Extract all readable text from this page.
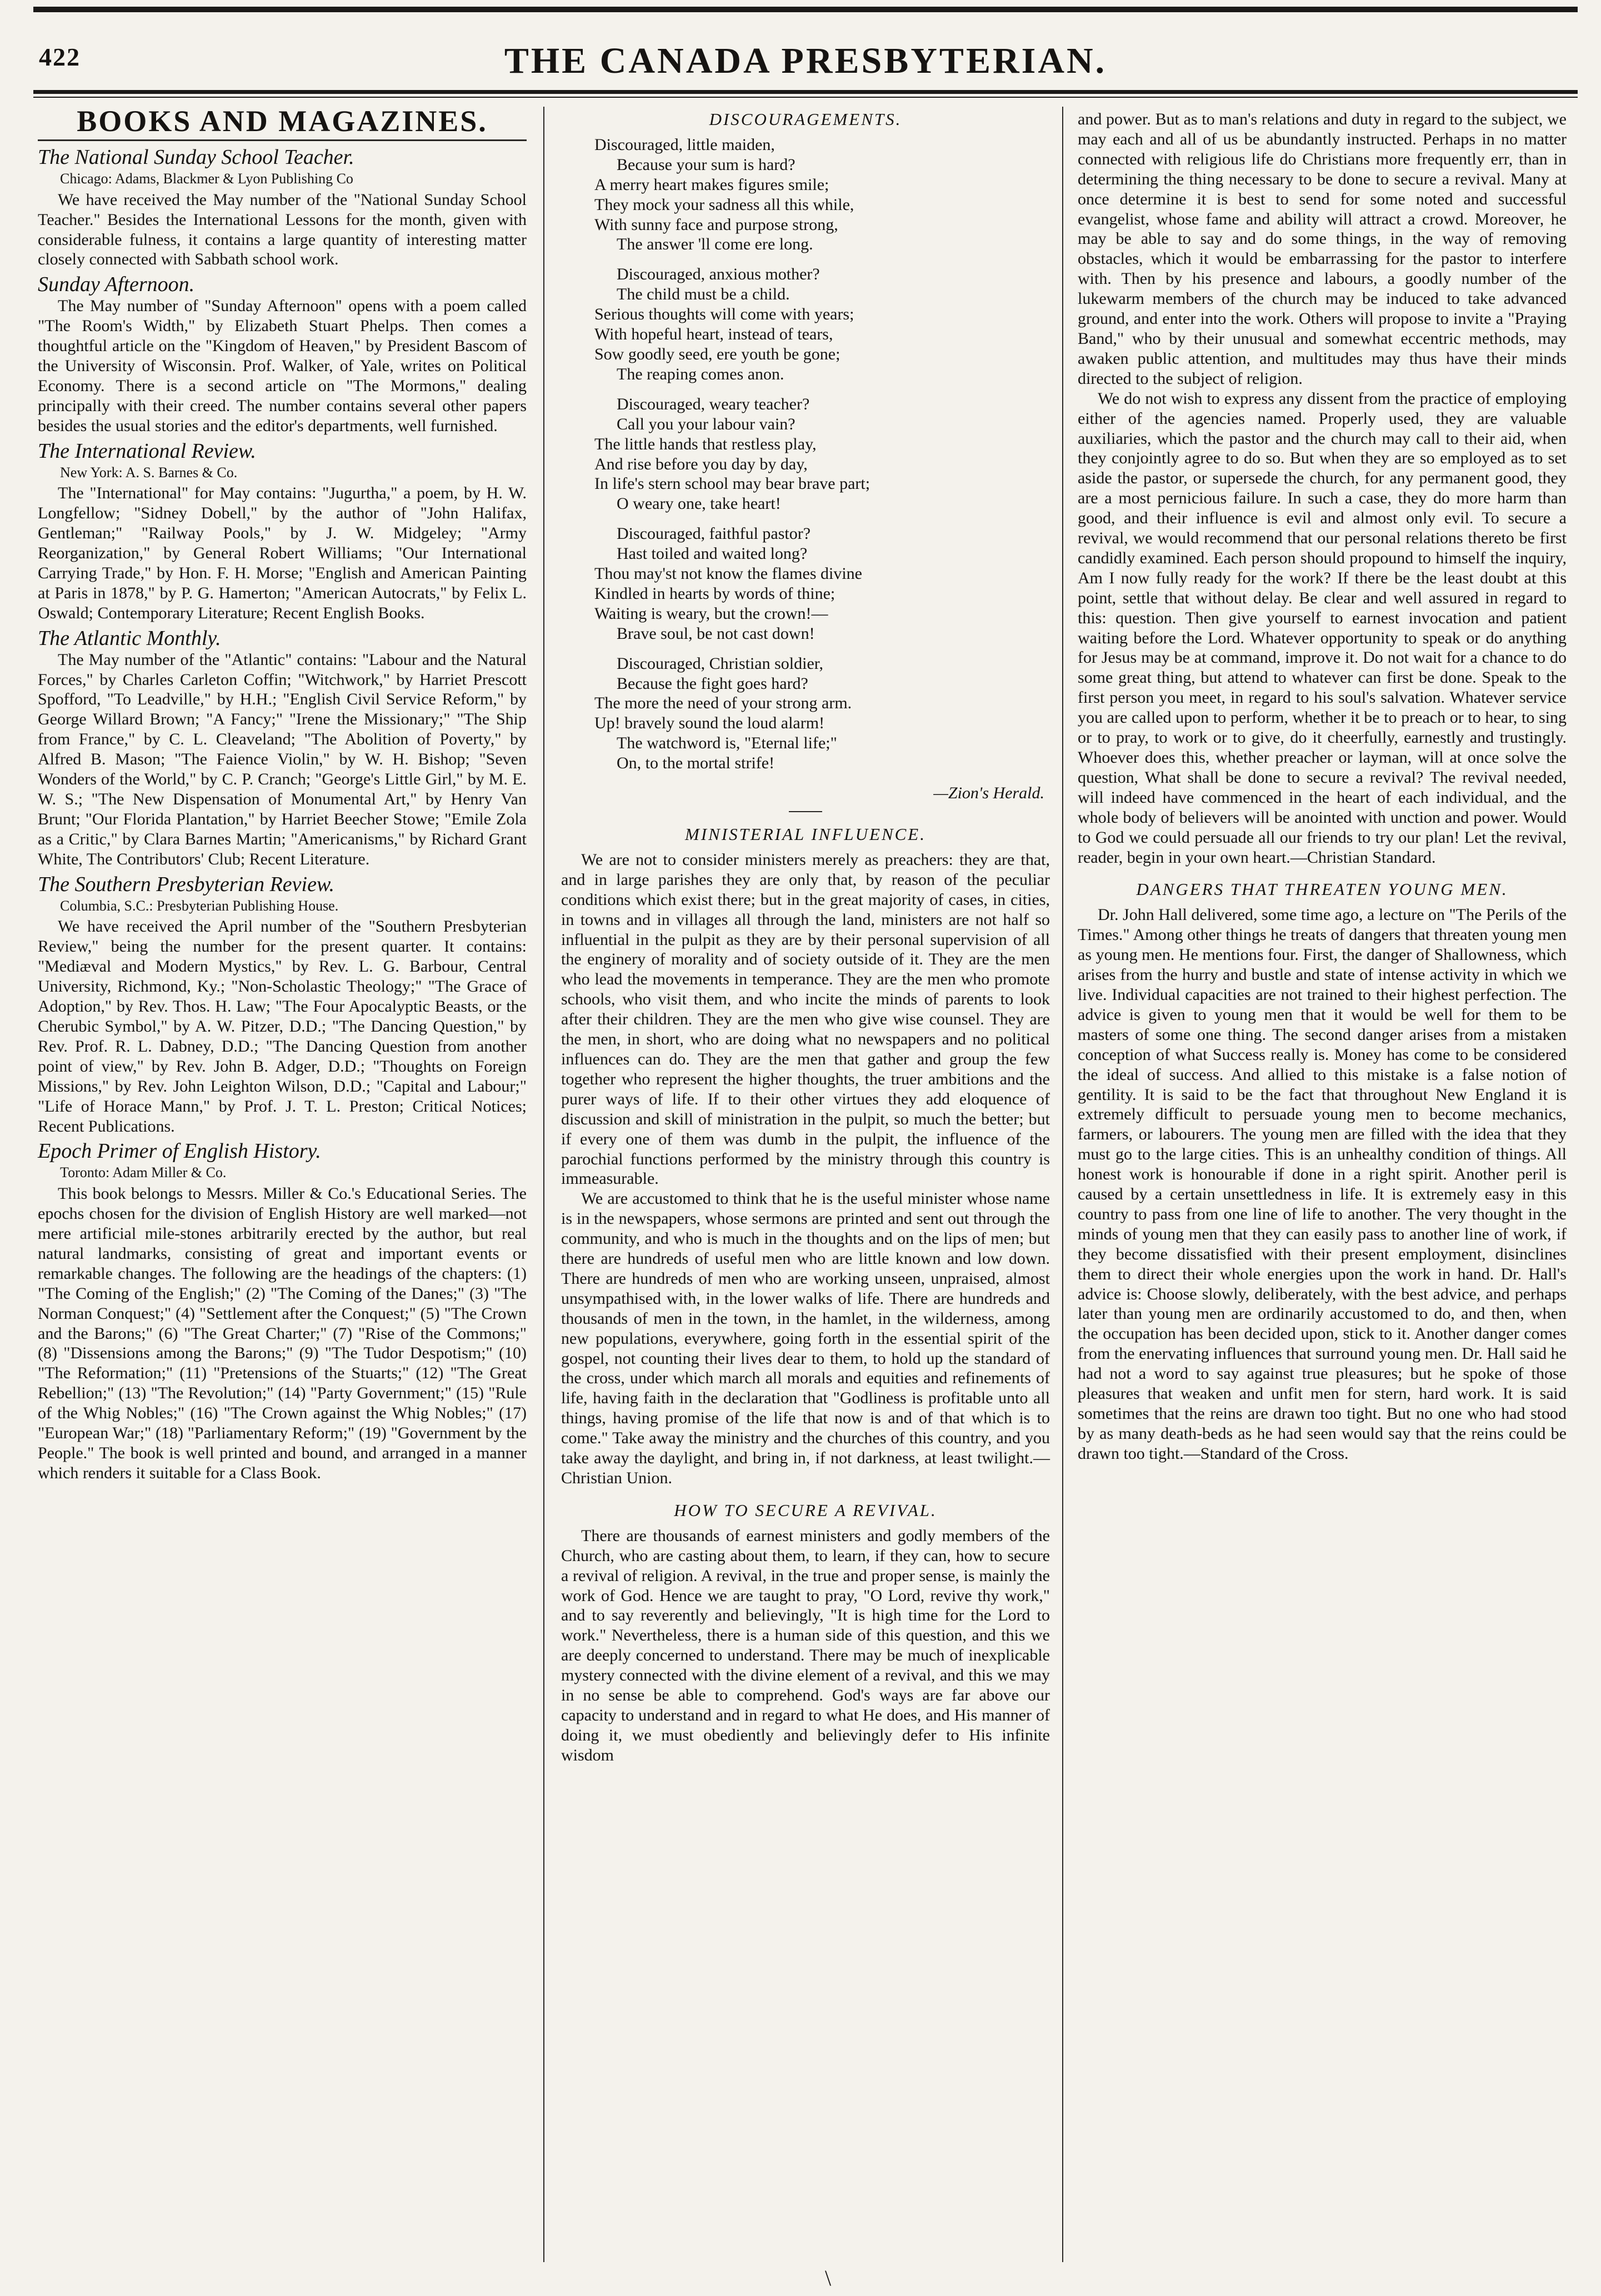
422	THE CANADA PRESBYTERIAN.
BOOKS AND MAGAZINES.
The National Sunday School Teacher.
Chicago: Adams, Blackmer & Lyon Publishing Co

We have received the May number of the "National Sunday School Teacher." Besides the International Lessons for the month, given with considerable fulness, it contains a large quantity of interesting matter closely connected with Sabbath school work.

Sunday Afternoon.

The May number of "Sunday Afternoon" opens with a poem called "The Room's Width," by Elizabeth Stuart Phelps. Then comes a thoughtful article on the "Kingdom of Heaven," by President Bascom of the University of Wisconsin. Prof. Walker, of Yale, writes on Political Economy. There is a second article on "The Mormons," dealing principally with their creed. The number contains several other papers besides the usual stories and the editor's departments, well furnished.

The International Review.
New York: A. S. Barnes & Co.

The "International" for May contains: "Jugurtha," a poem, by H. W. Longfellow; "Sidney Dobell," by the author of "John Halifax, Gentleman;" "Railway Pools," by J. W. Midgeley; "Army Reorganization," by General Robert Williams; "Our International Carrying Trade," by Hon. F. H. Morse; "English and American Painting at Paris in 1878," by P. G. Hamerton; "American Autocrats," by Felix L. Oswald; Contemporary Literature; Recent English Books.

The Atlantic Monthly.

The May number of the "Atlantic" contains: "Labour and the Natural Forces," by Charles Carleton Coffin; "Witchwork," by Harriet Prescott Spofford, "To Leadville," by H.H.; "English Civil Service Reform," by George Willard Brown; "A Fancy;" "Irene the Missionary;" "The Ship from France," by C. L. Cleaveland; "The Abolition of Poverty," by Alfred B. Mason; "The Faience Violin," by W. H. Bishop; "Seven Wonders of the World," by C. P. Cranch; "George's Little Girl," by M. E. W. S.; "The New Dispensation of Monumental Art," by Henry Van Brunt; "Our Florida Plantation," by Harriet Beecher Stowe; "Emile Zola as a Critic," by Clara Barnes Martin; "Americanisms," by Richard Grant White, The Contributors' Club; Recent Literature.

The Southern Presbyterian Review.
Columbia, S.C.: Presbyterian Publishing House.

We have received the April number of the "Southern Presbyterian Review," being the number for the present quarter. It contains: "Mediæval and Modern Mystics," by Rev. L. G. Barbour, Central University, Richmond, Ky.; "Non-Scholastic Theology;" "The Grace of Adoption," by Rev. Thos. H. Law; "The Four Apocalyptic Beasts, or the Cherubic Symbol," by A. W. Pitzer, D.D.; "The Dancing Question," by Rev. Prof. R. L. Dabney, D.D.; "The Dancing Question from another point of view," by Rev. John B. Adger, D.D.; "Thoughts on Foreign Missions," by Rev. John Leighton Wilson, D.D.; "Capital and Labour;" "Life of Horace Mann," by Prof. J. T. L. Preston; Critical Notices; Recent Publications.

Epoch Primer of English History.
Toronto: Adam Miller & Co.

This book belongs to Messrs. Miller & Co.'s Educational Series. The epochs chosen for the division of English History are well marked—not mere artificial mile-stones arbitrarily erected by the author, but real natural landmarks, consisting of great and important events or remarkable changes. The following are the headings of the chapters: (1) "The Coming of the English;" (2) "The Coming of the Danes;" (3) "The Norman Conquest;" (4) "Settlement after the Conquest;" (5) "The Crown and the Barons;" (6) "The Great Charter;" (7) "Rise of the Commons;" (8) "Dissensions among the Barons;" (9) "The Tudor Despotism;" (10) "The Reformation;" (11) "Pretensions of the Stuarts;" (12) "The Great Rebellion;" (13) "The Revolution;" (14) "Party Government;" (15) "Rule of the Whig Nobles;" (16) "The Crown against the Whig Nobles;" (17) "European War;" (18) "Parliamentary Reform;" (19) "Government by the People." The book is well printed and bound, and arranged in a manner which renders it suitable for a Class Book.

DISCOURAGEMENTS.

Discouraged, little maiden,

Because your sum is hard?

A merry heart makes figures smile;

They mock your sadness all this while,

With sunny face and purpose strong,

The answer 'll come ere long.

Discouraged, anxious mother?

The child must be a child.

Serious thoughts will come with years;

With hopeful heart, instead of tears,

Sow goodly seed, ere youth be gone;

The reaping comes anon.

Discouraged, weary teacher?

Call you your labour vain?

The little hands that restless play,

And rise before you day by day,

In life's stern school may bear brave part;

O weary one, take heart!

Discouraged, faithful pastor?

Hast toiled and waited long?

Thou may'st not know the flames divine

Kindled in hearts by words of thine;

Waiting is weary, but the crown!—

Brave soul, be not cast down!

Discouraged, Christian soldier,

Because the fight goes hard?

The more the need of your strong arm.

Up! bravely sound the loud alarm!

The watchword is, "Eternal life;"

On, to the mortal strife!

—Zion's Herald.
MINISTERIAL INFLUENCE.

We are not to consider ministers merely as preachers: they are that, and in large parishes they are only that, by reason of the peculiar conditions which exist there; but in the great majority of cases, in cities, in towns and in villages all through the land, ministers are not half so influential in the pulpit as they are by their personal supervision of all the enginery of morality and of society outside of it. They are the men who lead the movements in temperance. They are the men who promote schools, who visit them, and who incite the minds of parents to look after their children. They are the men who give wise counsel. They are the men, in short, who are doing what no newspapers and no political influences can do. They are the men that gather and group the few together who represent the higher thoughts, the truer ambitions and the purer ways of life. If to their other virtues they add eloquence of discussion and skill of ministration in the pulpit, so much the better; but if every one of them was dumb in the pulpit, the influence of the parochial functions performed by the ministry through this country is immeasurable.

We are accustomed to think that he is the useful minister whose name is in the newspapers, whose sermons are printed and sent out through the community, and who is much in the thoughts and on the lips of men; but there are hundreds of useful men who are little known and low down. There are hundreds of men who are working unseen, unpraised, almost unsympathised with, in the lower walks of life. There are hundreds and thousands of men in the town, in the hamlet, in the wilderness, among new populations, everywhere, going forth in the essential spirit of the gospel, not counting their lives dear to them, to hold up the standard of the cross, under which march all morals and equities and refinements of life, having faith in the declaration that "Godliness is profitable unto all things, having promise of the life that now is and of that which is to come." Take away the ministry and the churches of this country, and you take away the daylight, and bring in, if not darkness, at least twilight.—Christian Union.

HOW TO SECURE A REVIVAL.

There are thousands of earnest ministers and godly members of the Church, who are casting about them, to learn, if they can, how to secure a revival of religion. A revival, in the true and proper sense, is mainly the work of God. Hence we are taught to pray, "O Lord, revive thy work," and to say reverently and believingly, "It is high time for the Lord to work." Nevertheless, there is a human side of this question, and this we are deeply concerned to understand. There may be much of inexplicable mystery connected with the divine element of a revival, and this we may in no sense be able to comprehend. God's ways are far above our capacity to understand and in regard to what He does, and His manner of doing it, we must obediently and believingly defer to His infinite wisdom

and power. But as to man's relations and duty in regard to the subject, we may each and all of us be abundantly instructed. Perhaps in no matter connected with religious life do Christians more frequently err, than in determining the thing necessary to be done to secure a revival. Many at once determine it is best to send for some noted and successful evangelist, whose fame and ability will attract a crowd. Moreover, he may be able to say and do some things, in the way of removing obstacles, which it would be embarrassing for the pastor to interfere with. Then by his presence and labours, a goodly number of the lukewarm members of the church may be induced to take advanced ground, and enter into the work. Others will propose to invite a "Praying Band," who by their unusual and somewhat eccentric methods, may awaken public attention, and multitudes may thus have their minds directed to the subject of religion.

We do not wish to express any dissent from the practice of employing either of the agencies named. Properly used, they are valuable auxiliaries, which the pastor and the church may call to their aid, when they conjointly agree to do so. But when they are so employed as to set aside the pastor, or supersede the church, for any permanent good, they are a most pernicious failure. In such a case, they do more harm than good, and their influence is evil and almost only evil. To secure a revival, we would recommend that our personal relations thereto be first candidly examined. Each person should propound to himself the inquiry, Am I now fully ready for the work? If there be the least doubt at this point, settle that without delay. Be clear and well assured in regard to this: question. Then give yourself to earnest invocation and patient waiting before the Lord. Whatever opportunity to speak or do anything for Jesus may be at command, improve it. Do not wait for a chance to do some great thing, but attend to whatever can first be done. Speak to the first person you meet, in regard to his soul's salvation. Whatever service you are called upon to perform, whether it be to preach or to hear, to sing or to pray, to work or to give, do it cheerfully, earnestly and trustingly. Whoever does this, whether preacher or layman, will at once solve the question, What shall be done to secure a revival? The revival needed, will indeed have commenced in the heart of each individual, and the whole body of believers will be anointed with unction and power. Would to God we could persuade all our friends to try our plan! Let the revival, reader, begin in your own heart.—Christian Standard.

DANGERS THAT THREATEN YOUNG MEN.

Dr. John Hall delivered, some time ago, a lecture on "The Perils of the Times." Among other things he treats of dangers that threaten young men as young men. He mentions four. First, the danger of Shallowness, which arises from the hurry and bustle and state of intense activity in which we live. Individual capacities are not trained to their highest perfection. The advice is given to young men that it would be well for them to be masters of some one thing. The second danger arises from a mistaken conception of what Success really is. Money has come to be considered the ideal of success. And allied to this mistake is a false notion of gentility. It is said to be the fact that throughout New England it is extremely difficult to persuade young men to become mechanics, farmers, or labourers. The young men are filled with the idea that they must go to the large cities. This is an unhealthy condition of things. All honest work is honourable if done in a right spirit. Another peril is caused by a certain unsettledness in life. It is extremely easy in this country to pass from one line of life to another. The very thought in the minds of young men that they can easily pass to another line of work, if they become dissatisfied with their present employment, disinclines them to direct their whole energies upon the work in hand. Dr. Hall's advice is: Choose slowly, deliberately, with the best advice, and perhaps later than young men are ordinarily accustomed to do, and then, when the occupation has been decided upon, stick to it. Another danger comes from the enervating influences that surround young men. Dr. Hall said he had not a word to say against true pleasures; but he spoke of those pleasures that weaken and unfit men for stern, hard work. It is said sometimes that the reins are drawn too tight. But no one who had stood by as many death-beds as he had seen would say that the reins could be drawn too tight.—Standard of the Cross.

\
